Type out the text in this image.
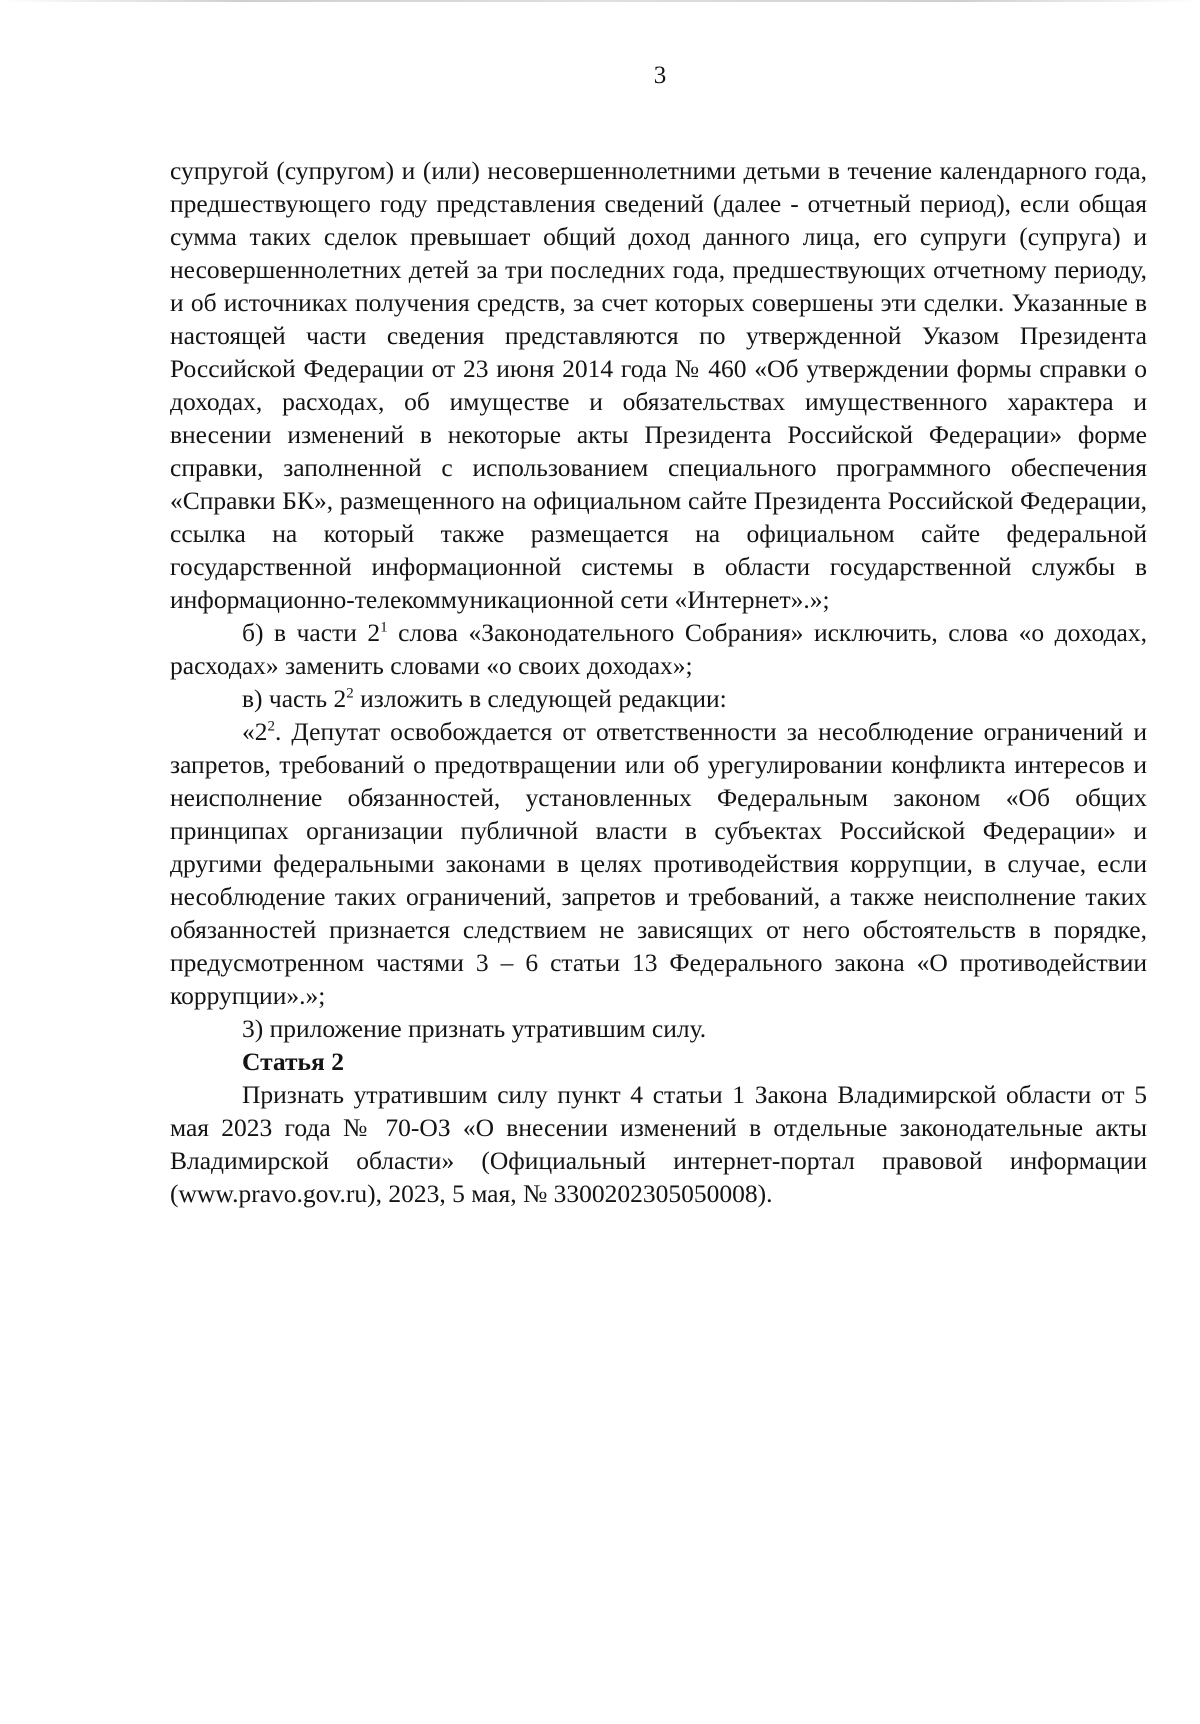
3

супругой (супругом) и (или) несовершеннолетними детьми в течение календарного года, предшествующего году представления сведений (далее - отчетный период), если общая сумма таких сделок превышает общий доход данного лица, его супруги (супруга) и несовершеннолетних детей за три последних года, предшествующих отчетному периоду, и об источниках получения средств, за счет которых совершены эти сделки. Указанные в настоящей части сведения представляются по утвержденной Указом Президента Российской Федерации от 23 июня 2014 года № 460 «Об утверждении формы справки о доходах, расходах, об имуществе и обязательствах имущественного характера и внесении изменений в некоторые акты Президента Российской Федерации» форме справки, заполненной с использованием специального программного обеспечения «Справки БК», размещенного на официальном сайте Президента Российской Федерации, ссылка на который также размещается на официальном сайте федеральной государственной информационной системы в области государственной службы в информационно-телекоммуникационной сети «Интернет».»;

б) в части $2^1$ слова «Законодательного Собрания» исключить, слова «о доходах, расходах» заменить словами «о своих доходах»;

в) часть $2^2$ изложить в следующей редакции:

«$2^2$. Депутат освобождается от ответственности за несоблюдение ограничений и запретов, требований о предотвращении или об урегулировании конфликта интересов и неисполнение обязанностей, установленных Федеральным законом «Об общих принципах организации публичной власти в субъектах Российской Федерации» и другими федеральными законами в целях противодействия коррупции, в случае, если несоблюдение таких ограничений, запретов и требований, а также неисполнение таких обязанностей признается следствием не зависящих от него обстоятельств в порядке, предусмотренном частями 3 – 6 статьи 13 Федерального закона «О противодействии коррупции».»;

3) приложение признать утратившим силу.

Статья 2

Признать утратившим силу пункт 4 статьи 1 Закона Владимирской области от 5 мая 2023 года № 70-ОЗ «О внесении изменений в отдельные законодательные акты Владимирской области» (Официальный интернет-портал правовой информации (www.pravo.gov.ru), 2023, 5 мая, № 3300202305050008).
